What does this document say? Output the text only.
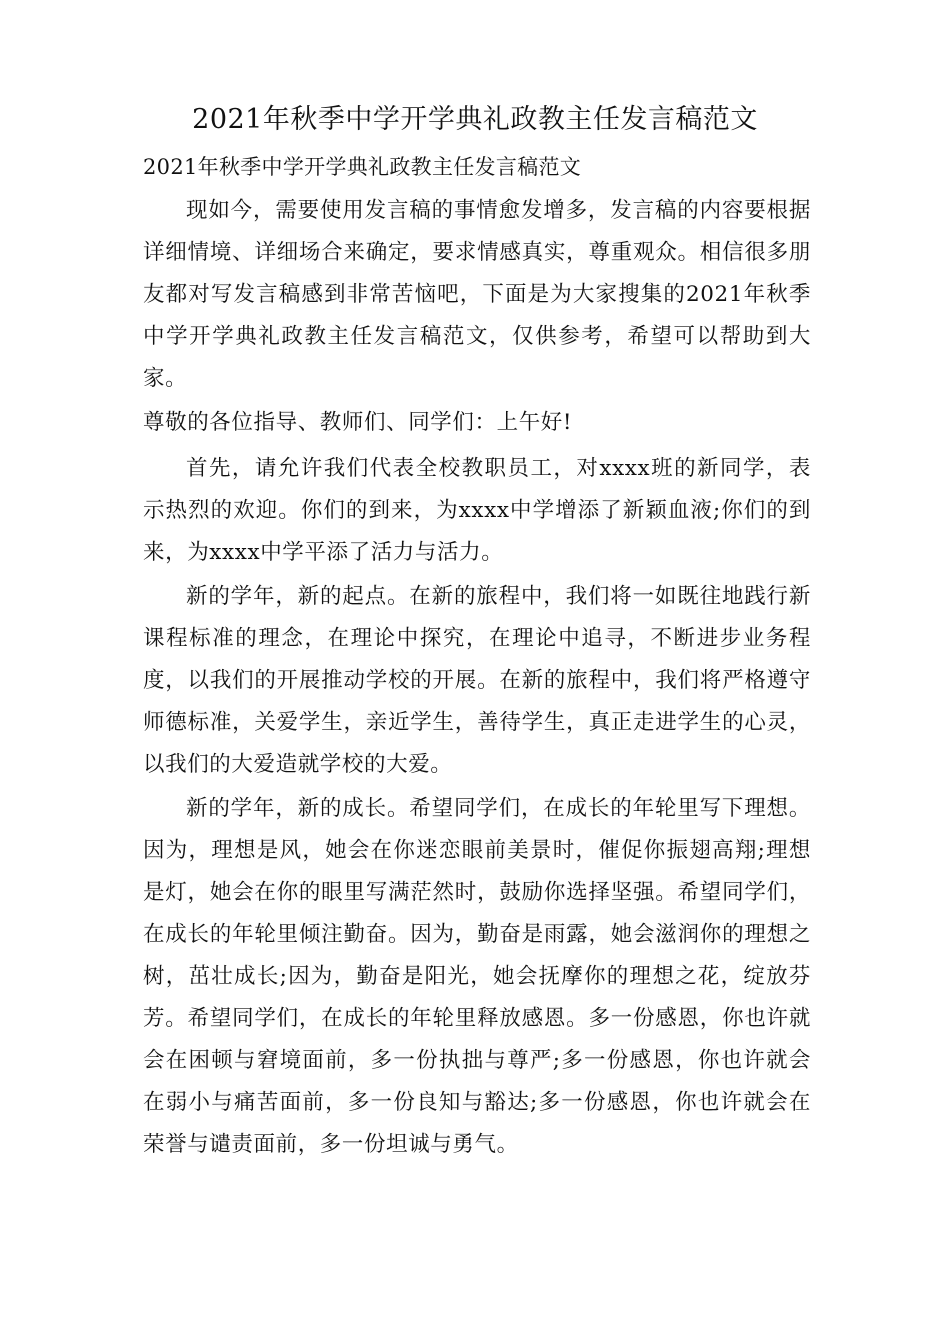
2021年秋季中学开学典礼政教主任发言稿范文

2021年秋季中学开学典礼政教主任发言稿范文

现如今，需要使用发言稿的事情愈发增多，发言稿的内容要根据详细情境、详细场合来确定，要求情感真实，尊重观众。相信很多朋友都对写发言稿感到非常苦恼吧，下面是为大家搜集的2021年秋季中学开学典礼政教主任发言稿范文，仅供参考，希望可以帮助到大家。

尊敬的各位指导、教师们、同学们：上午好!

首先，请允许我们代表全校教职员工，对xxxx班的新同学，表示热烈的欢迎。你们的到来，为xxxx中学增添了新颖血液;你们的到来，为xxxx中学平添了活力与活力。

新的学年，新的起点。在新的旅程中，我们将一如既往地践行新课程标准的理念，在理论中探究，在理论中追寻，不断进步业务程度，以我们的开展推动学校的开展。在新的旅程中，我们将严格遵守师德标准，关爱学生，亲近学生，善待学生，真正走进学生的心灵，以我们的大爱造就学校的大爱。

新的学年，新的成长。希望同学们，在成长的年轮里写下理想。因为，理想是风，她会在你迷恋眼前美景时，催促你振翅高翔;理想是灯，她会在你的眼里写满茫然时，鼓励你选择坚强。希望同学们，在成长的年轮里倾注勤奋。因为，勤奋是雨露，她会滋润你的理想之树，茁壮成长;因为，勤奋是阳光，她会抚摩你的理想之花，绽放芬芳。希望同学们，在成长的年轮里释放感恩。多一份感恩，你也许就会在困顿与窘境面前，多一份执拙与尊严;多一份感恩，你也许就会在弱小与痛苦面前，多一份良知与豁达;多一份感恩，你也许就会在荣誉与谴责面前，多一份坦诚与勇气。
